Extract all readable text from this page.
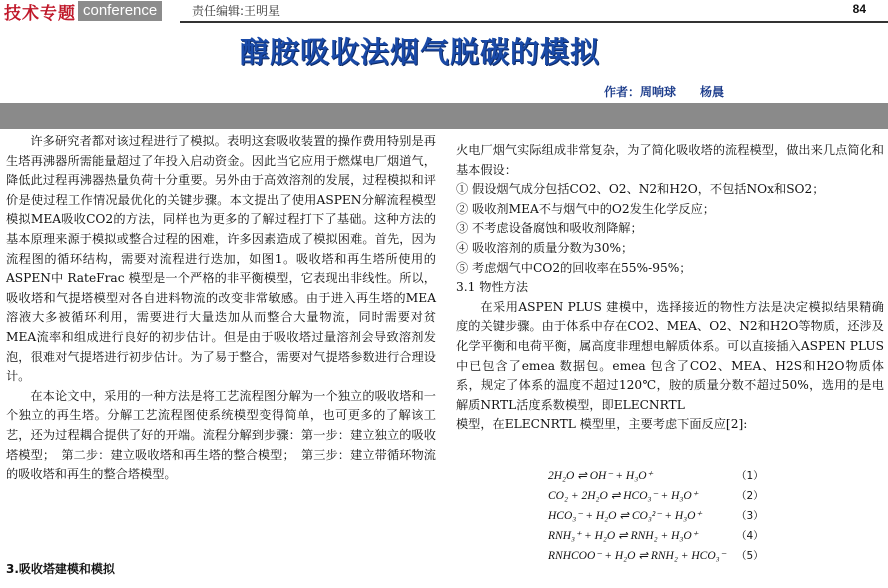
技术专题 conference	责任编辑:王明星	84
醇胺吸收法烟气脱碳的模拟
作者：周响球　　杨晨

许多研究者都对该过程进行了模拟。表明这套吸收装置的操作费用特别是再生塔再沸器所需能量超过了年投入启动资金。因此当它应用于燃煤电厂烟道气，降低此过程再沸器热量负荷十分重要。另外由于高效溶剂的发展，过程模拟和评价是使过程工作情况最优化的关键步骤。本文提出了使用ASPEN分解流程模型模拟MEA吸收CO2的方法，同样也为更多的了解过程打下了基础。这种方法的基本原理来源于模拟或整合过程的困难，许多因素造成了模拟困难。首先，因为流程图的循环结构，需要对流程进行迭加，如图1。吸收塔和再生塔所使用的ASPEN中 RateFrac 模型是一个严格的非平衡模型，它表现出非线性。所以，吸收塔和气提塔模型对各自进料物流的改变非常敏感。由于进入再生塔的MEA溶液大多被循环利用，需要进行大量迭加从而整合大量物流，同时需要对贫MEA流率和组成进行良好的初步估计。但是由于吸收塔过量溶剂会导致溶剂发泡，很难对气提塔进行初步估计。为了易于整合，需要对气提塔参数进行合理设计。

在本论文中，采用的一种方法是将工艺流程图分解为一个独立的吸收塔和一个独立的再生塔。分解工艺流程图使系统模型变得简单，也可更多的了解该工艺，还为过程耦合提供了好的开端。流程分解到步骤：第一步：建立独立的吸收塔模型；　第二步：建立吸收塔和再生塔的整合模型；　第三步：建立带循环物流的吸收塔和再生的整合塔模型。

3.吸收塔建模和模拟

火电厂烟气实际组成非常复杂，为了简化吸收塔的流程模型，做出来几点简化和基本假设：

① 假设烟气成分包括CO2、O2、N2和H2O，不包括NOx和SO2；

② 吸收剂MEA不与烟气中的O2发生化学反应；

③ 不考虑设备腐蚀和吸收剂降解；

④ 吸收溶剂的质量分数为30%；

⑤ 考虑烟气中CO2的回收率在55%-95%；

3.1 物性方法

在采用ASPEN PLUS 建模中，选择接近的物性方法是决定模拟结果精确度的关键步骤。由于体系中存在CO2、MEA、O2、N2和H2O等物质，还涉及化学平衡和电荷平衡，属高度非理想电解质体系。可以直接插入ASPEN PLUS中已包含了emea 数据包。emea 包含了CO2、MEA、H2S和H2O物质体系，规定了体系的温度不超过120℃，胺的质量分数不超过50%，选用的是电解质NRTL活度系数模型，即ELECNRTL

模型，在ELECNRTL 模型里，主要考虑下面反应[2]:

2H₂O ⇌ OH⁻ + H₃O⁺	（1）
CO₂ + 2H₂O ⇌ HCO₃⁻ + H₃O⁺	（2）
HCO₃⁻ + H₂O ⇌ CO₃²⁻ + H₃O⁺	（3）
RNH₃⁺ + H₂O ⇌ RNH₂ + H₃O⁺	（4）
RNHCOO⁻ + H₂O ⇌ RNH₂ + HCO₃⁻ （5）
